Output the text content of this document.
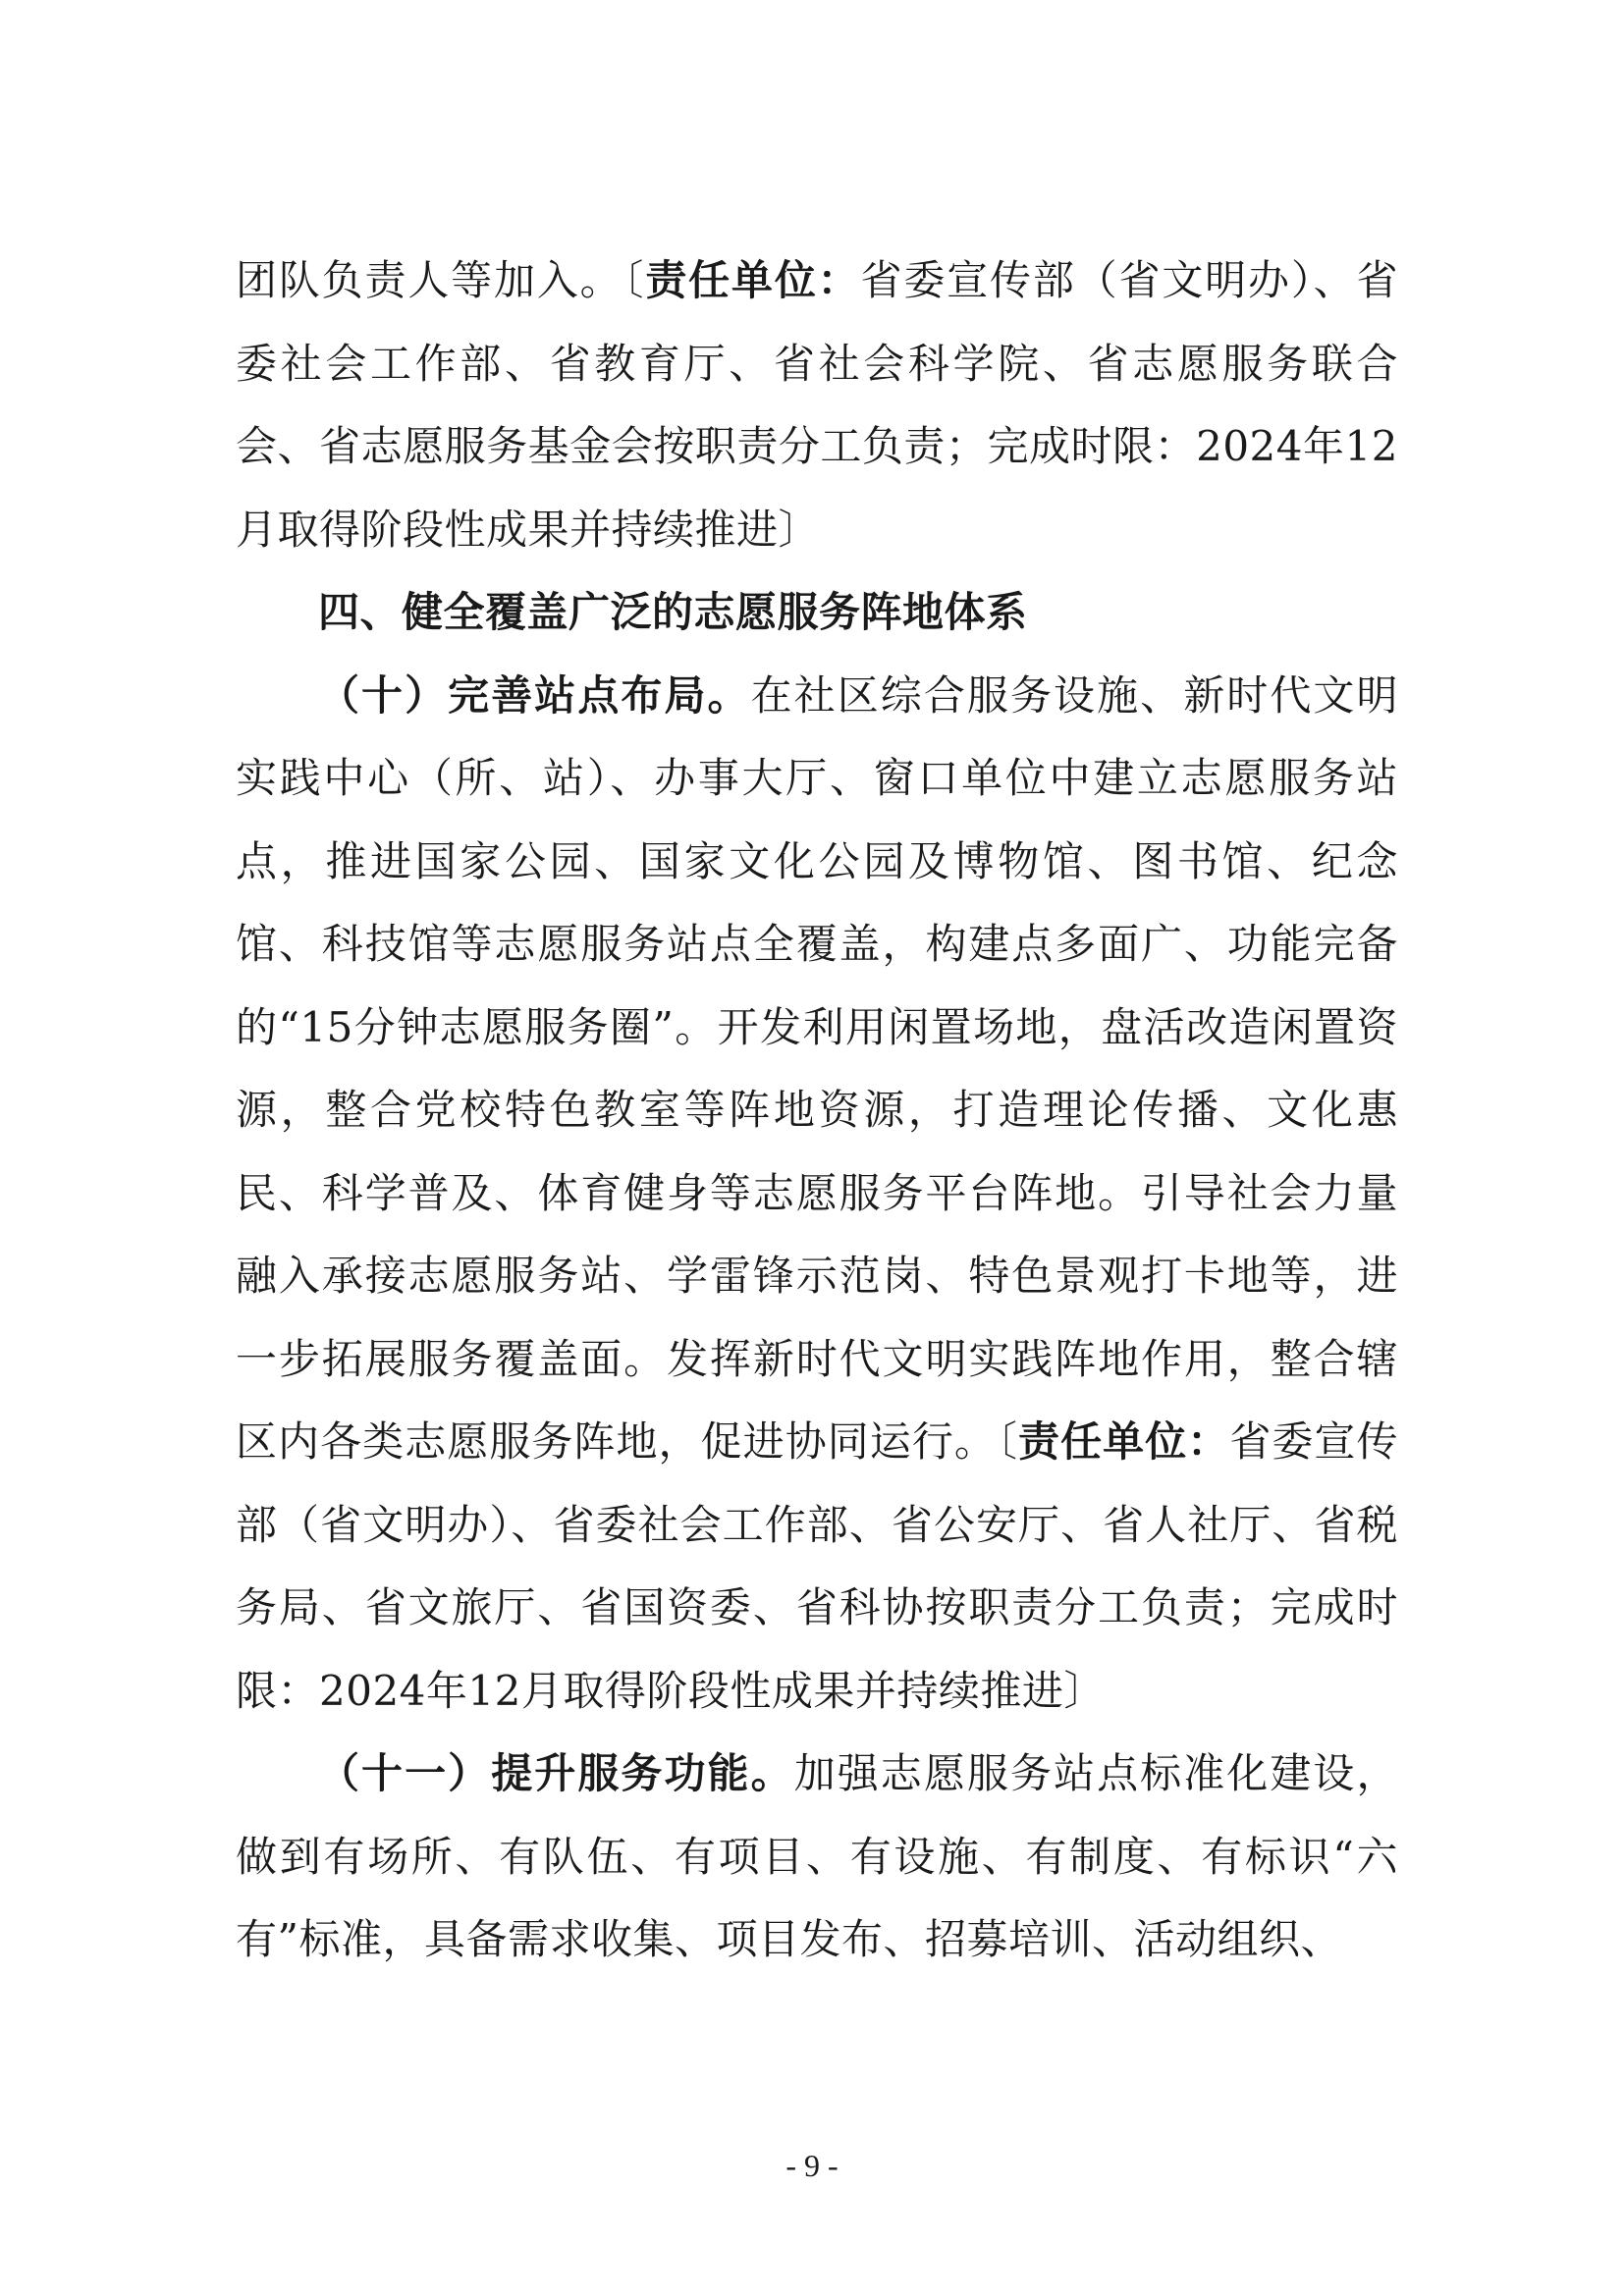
团队负责人等加入。〔责任单位：省委宣传部（省文明办）、省委社会工作部、省教育厅、省社会科学院、省志愿服务联合会、省志愿服务基金会按职责分工负责；完成时限：2024年12月取得阶段性成果并持续推进〕

四、健全覆盖广泛的志愿服务阵地体系

（十）完善站点布局。在社区综合服务设施、新时代文明实践中心（所、站）、办事大厅、窗口单位中建立志愿服务站点，推进国家公园、国家文化公园及博物馆、图书馆、纪念馆、科技馆等志愿服务站点全覆盖，构建点多面广、功能完备的“15分钟志愿服务圈”。开发利用闲置场地，盘活改造闲置资源，整合党校特色教室等阵地资源，打造理论传播、文化惠民、科学普及、体育健身等志愿服务平台阵地。引导社会力量融入承接志愿服务站、学雷锋示范岗、特色景观打卡地等，进一步拓展服务覆盖面。发挥新时代文明实践阵地作用，整合辖区内各类志愿服务阵地，促进协同运行。〔责任单位：省委宣传部（省文明办）、省委社会工作部、省公安厅、省人社厅、省税务局、省文旅厅、省国资委、省科协按职责分工负责；完成时限：2024年12月取得阶段性成果并持续推进〕

（十一）提升服务功能。加强志愿服务站点标准化建设，做到有场所、有队伍、有项目、有设施、有制度、有标识“六有”标准，具备需求收集、项目发布、招募培训、活动组织、

- 9 -
